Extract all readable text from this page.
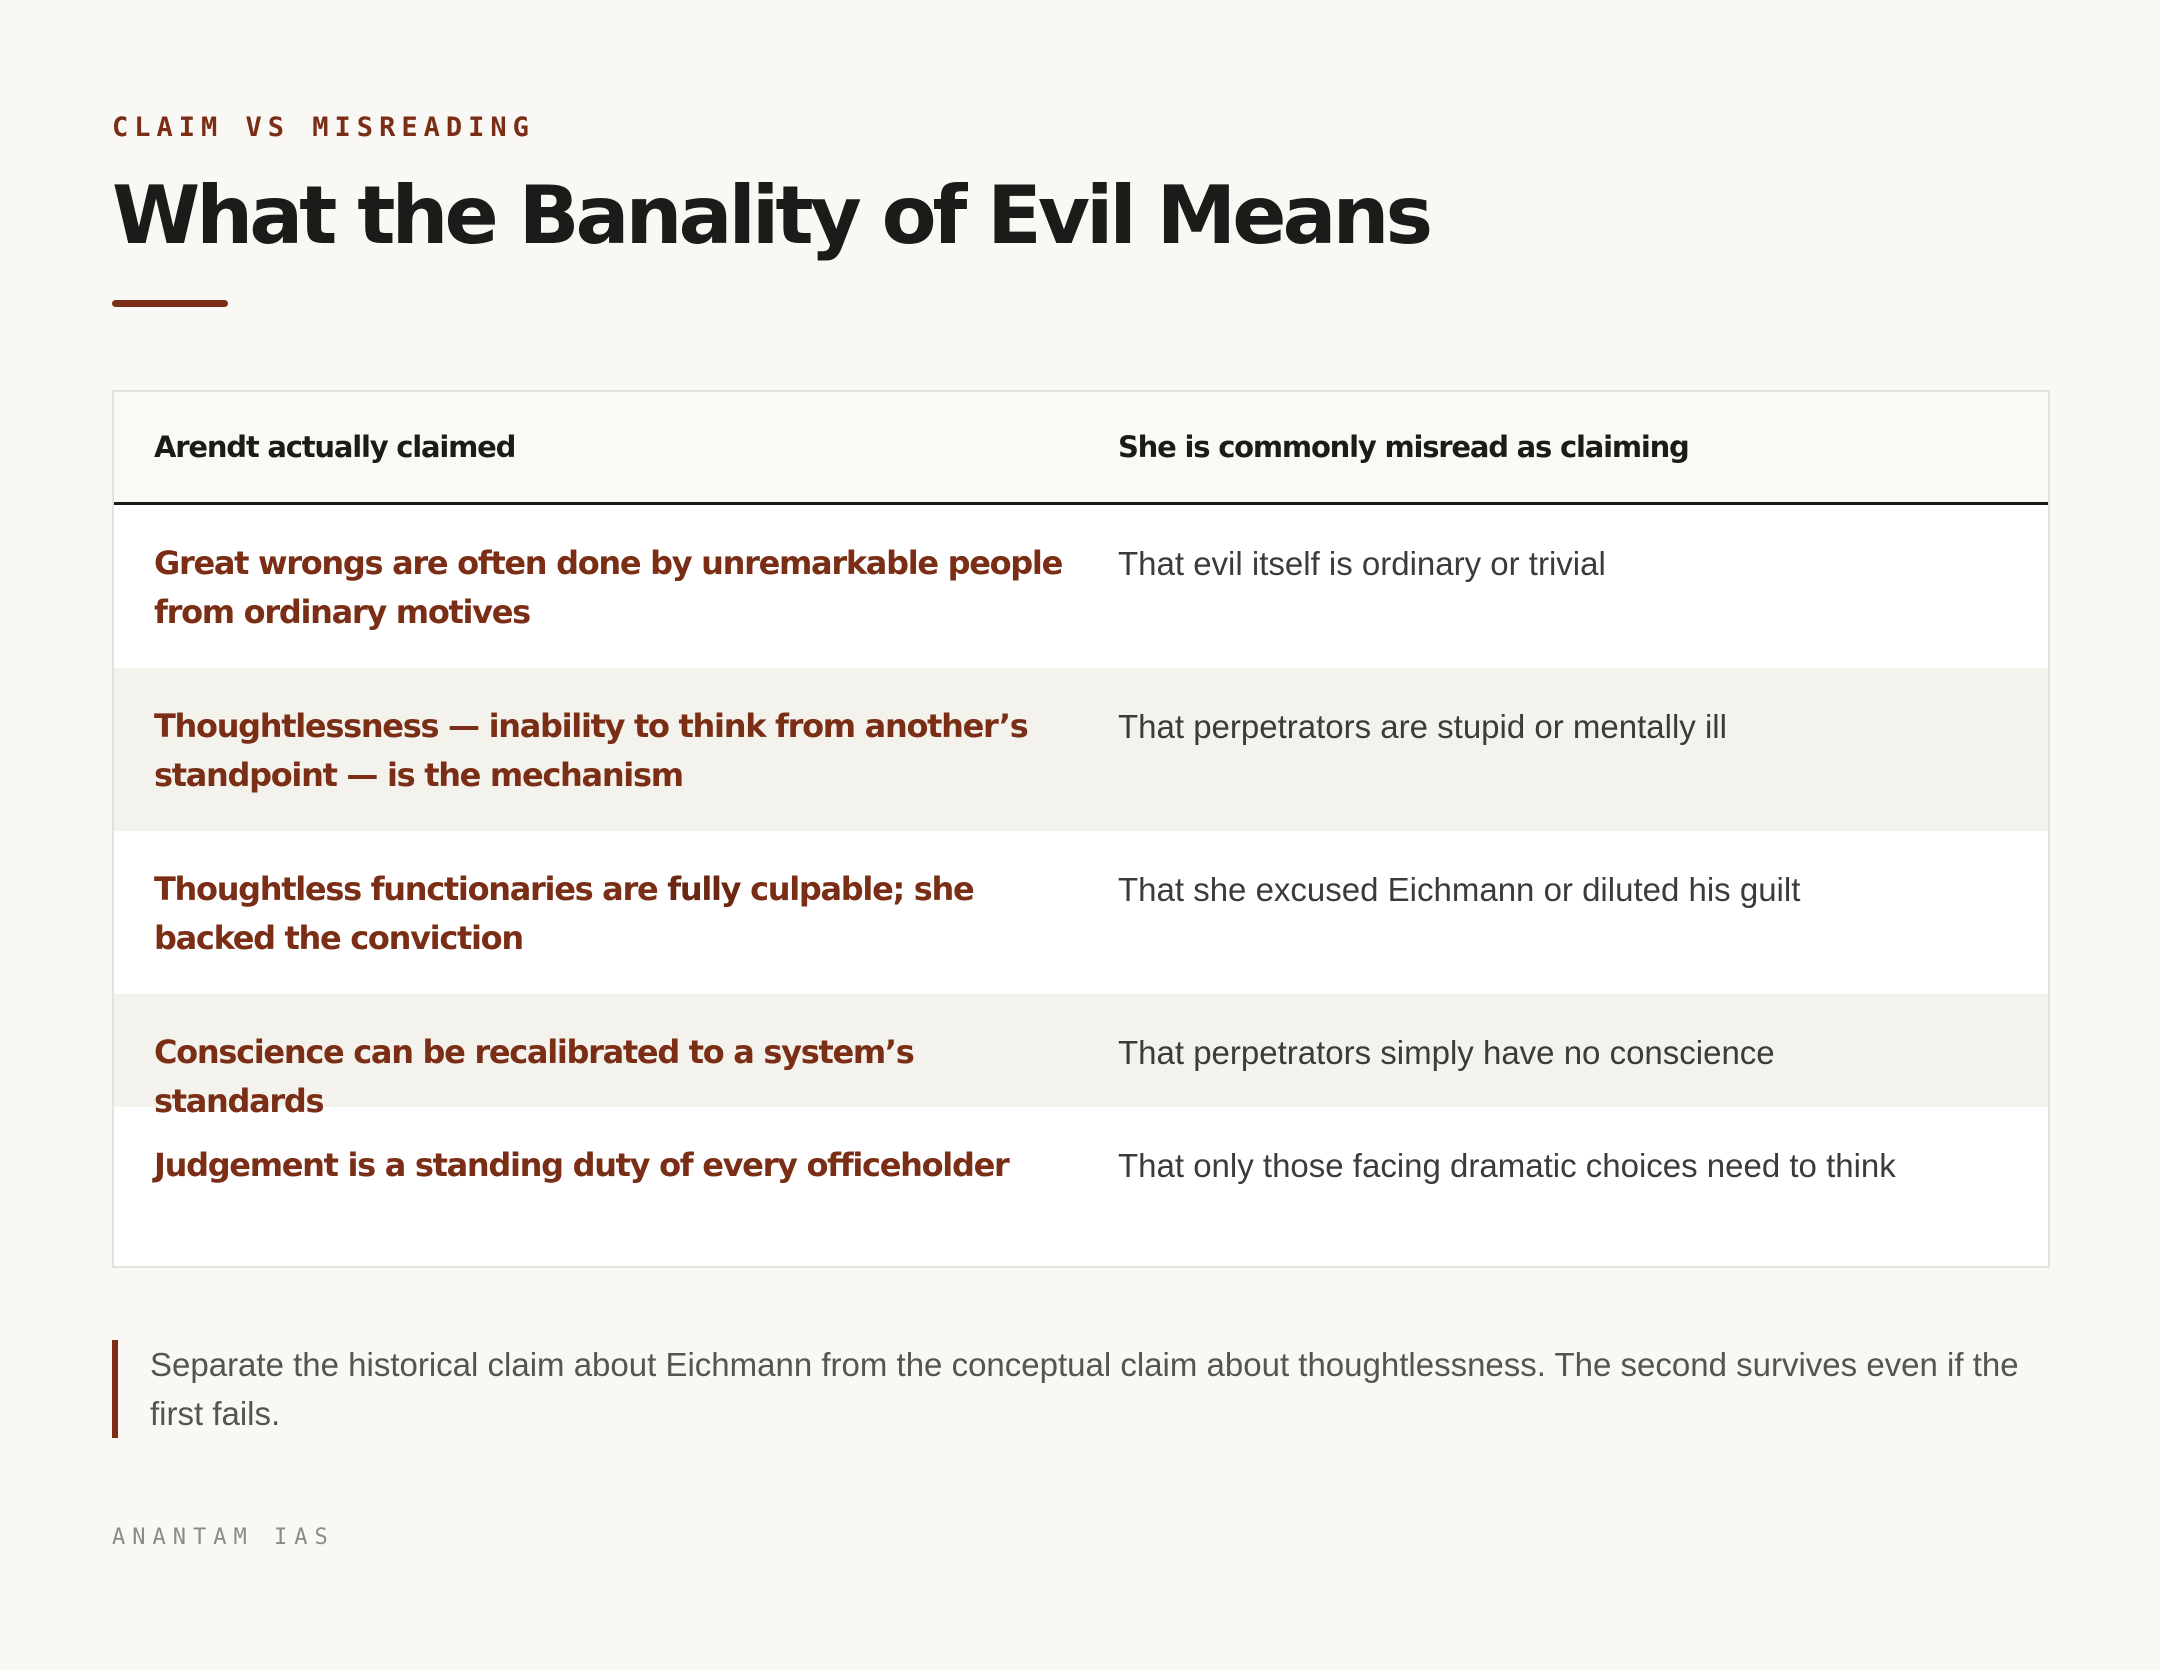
CLAIM VS MISREADING
What the Banality of Evil Means
Arendt actually claimed	She is commonly misread as claiming
Great wrongs are often done by unremarkable people from ordinary motives
That evil itself is ordinary or trivial
Thoughtlessness — inability to think from another’s standpoint — is the mechanism
That perpetrators are stupid or mentally ill
Thoughtless functionaries are fully culpable; she backed the conviction
That she excused Eichmann or diluted his guilt
Conscience can be recalibrated to a system’s standards
That perpetrators simply have no conscience
Judgement is a standing duty of every officeholder	That only those facing dramatic choices need to think
Separate the historical claim about Eichmann from the conceptual claim about thoughtlessness. The second survives even if the first fails.
ANANTAM IAS
